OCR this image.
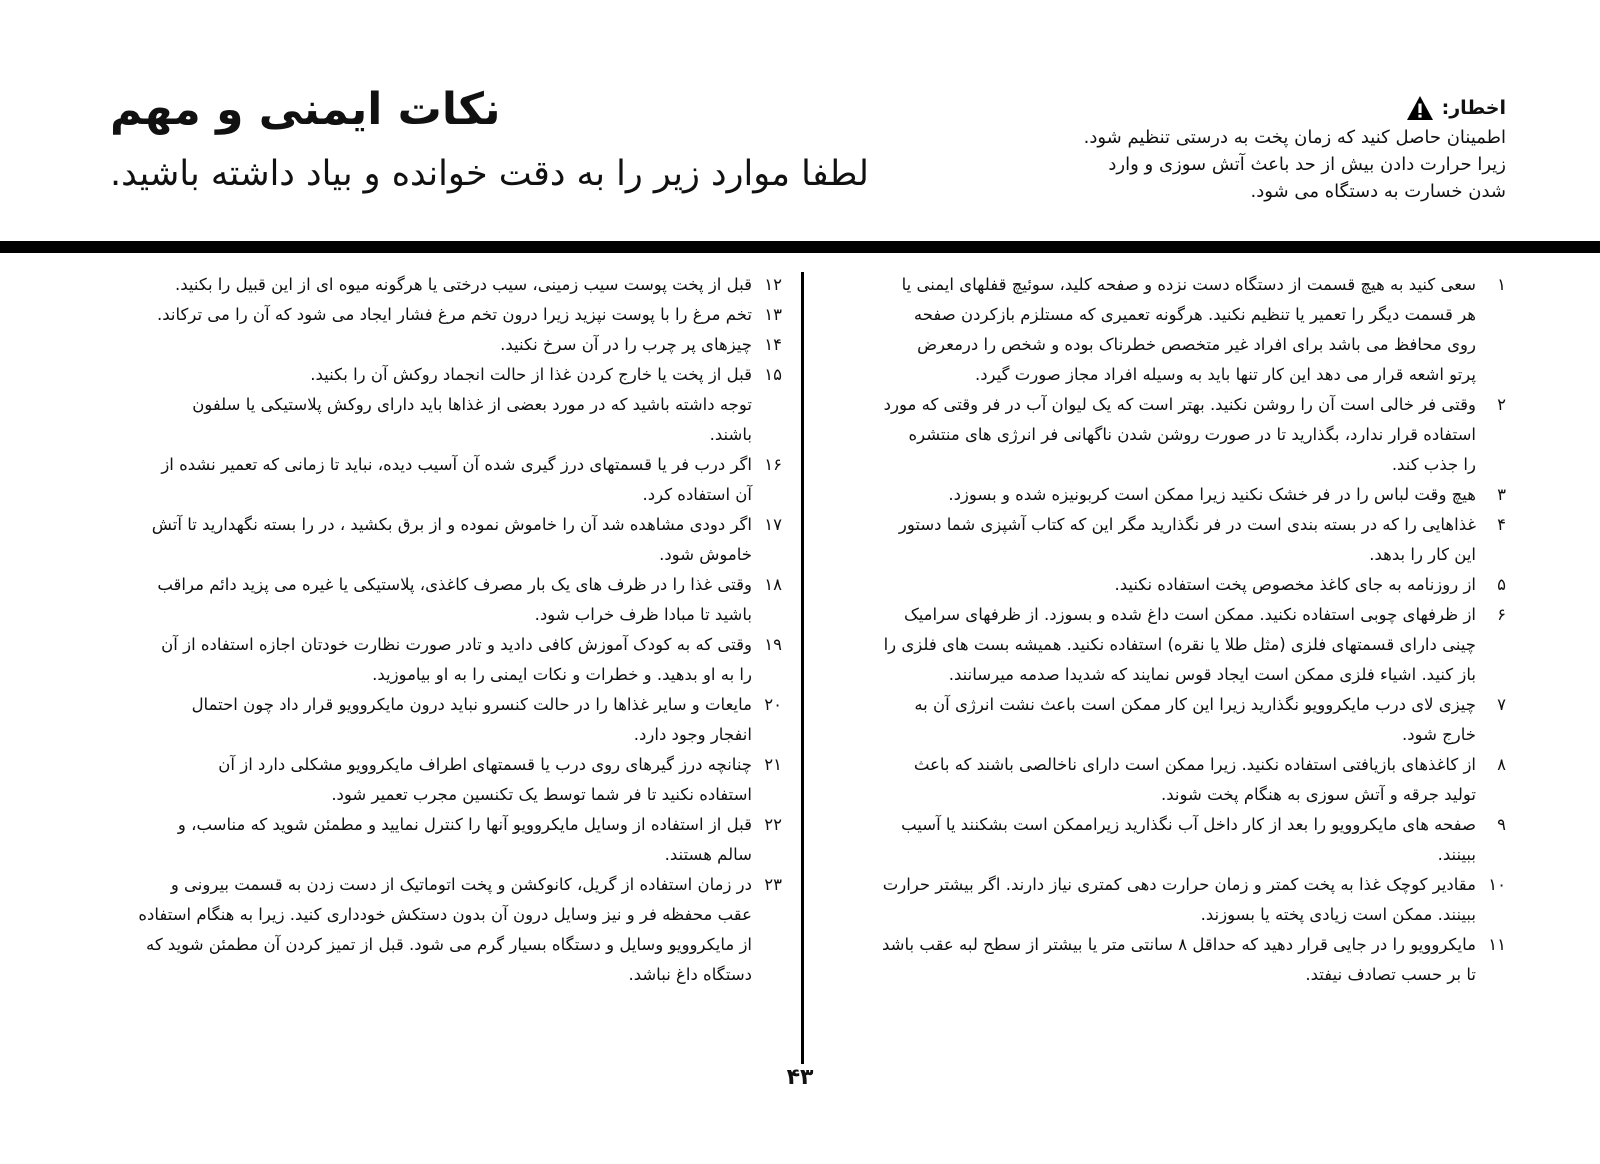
نکات ایمنی و مهم
لطفا موارد زیر را به دقت خوانده و بیاد داشته باشید.
اخطار:
اطمینان حاصل کنید که زمان پخت به درستی تنظیم شود.
زیرا حرارت دادن بیش از حد باعث آتش سوزی و وارد
شدن خسارت به دستگاه می شود.
۱
سعی کنید به هیچ قسمت از دستگاه دست نزده و صفحه کلید، سوئیچ قفلهای ایمنی یا
هر قسمت دیگر را تعمیر یا تنظیم نکنید. هرگونه تعمیری که مستلزم بازکردن صفحه
روی محافظ می باشد برای افراد غیر متخصص خطرناک بوده و شخص را درمعرض
پرتو اشعه قرار می دهد این کار تنها باید به وسیله افراد مجاز صورت گیرد.
۲
وقتی فر خالی است آن را روشن نکنید. بهتر است که یک لیوان آب در فر وقتی که مورد
استفاده قرار ندارد، بگذارید تا در صورت روشن شدن ناگهانی فر انرژی های منتشره
را جذب کند.
۳
هیچ وقت لباس را در فر خشک نکنید زیرا ممکن است کربونیزه شده و بسوزد.
۴
غذاهایی را که در بسته بندی است در فر نگذارید مگر این که کتاب آشپزی شما دستور
این کار را بدهد.
۵
از روزنامه به جای کاغذ مخصوص پخت استفاده نکنید.
۶
از ظرفهای چوبی استفاده نکنید. ممکن است داغ شده و بسوزد. از ظرفهای سرامیک
چینی دارای قسمتهای فلزی (مثل طلا یا نقره) استفاده نکنید. همیشه بست های فلزی را
باز کنید. اشیاء فلزی ممکن است ایجاد قوس نمایند که شدیدا صدمه میرسانند.
۷
چیزی لای درب مایکروویو نگذارید زیرا این کار ممکن است باعث نشت انرژی آن به
خارج شود.
۸
از کاغذهای بازیافتی استفاده نکنید. زیرا ممکن است دارای ناخالصی باشند که باعث
تولید جرقه و آتش سوزی به هنگام پخت شوند.
۹
صفحه های مایکروویو را بعد از کار داخل آب نگذارید زیراممکن است بشکنند یا آسیب
ببینند.
۱۰
مقادیر کوچک غذا به پخت کمتر و زمان حرارت دهی کمتری نیاز دارند. اگر بیشتر حرارت
ببینند. ممکن است زیادی پخته یا بسوزند.
۱۱
مایکروویو را در جایی قرار دهید که حداقل ۸ سانتی متر یا بیشتر از سطح لبه عقب باشد
تا بر حسب تصادف نیفتد.
۱۲
قبل از پخت پوست سیب زمینی، سیب درختی یا هرگونه میوه ای از این قبیل را بکنید.
۱۳
تخم مرغ را با پوست نپزید زیرا درون تخم مرغ فشار ایجاد می شود که آن را می ترکاند.
۱۴
چیزهای پر چرب را در آن سرخ نکنید.
۱۵
قبل از پخت یا خارج کردن غذا از حالت انجماد روکش آن را بکنید.
توجه داشته باشید که در مورد بعضی از غذاها باید دارای روکش پلاستیکی یا سلفون
باشند.
۱۶
اگر درب فر یا قسمتهای درز گیری شده آن آسیب دیده، نباید تا زمانی که تعمیر نشده از
آن استفاده کرد.
۱۷
اگر دودی مشاهده شد آن را خاموش نموده و از برق بکشید ، در را بسته نگهدارید تا آتش
خاموش شود.
۱۸
وقتی غذا را در ظرف های یک بار مصرف کاغذی، پلاستیکی یا غیره می پزید دائم مراقب
باشید تا مبادا ظرف خراب شود.
۱۹
وقتی که به کودک آموزش کافی دادید و تادر صورت نظارت خودتان اجازه استفاده از آن
را به او بدهید. و خطرات و نکات ایمنی را به او بیاموزید.
۲۰
مایعات و سایر غذاها را در حالت کنسرو نباید درون مایکروویو قرار داد چون احتمال
انفجار وجود دارد.
۲۱
چنانچه درز گیرهای روی درب یا قسمتهای اطراف مایکروویو مشکلی دارد از آن
استفاده نکنید تا فر شما توسط یک تکنسین مجرب تعمیر شود.
۲۲
قبل از استفاده از وسایل مایکروویو آنها را کنترل نمایید و مطمئن شوید که مناسب، و
سالم هستند.
۲۳
در زمان استفاده از گریل، کانوکشن و پخت اتوماتیک از دست زدن به قسمت بیرونی و
عقب محفظه فر و نیز وسایل درون آن بدون دستکش خودداری کنید. زیرا به هنگام استفاده
از مایکروویو وسایل و دستگاه بسیار گرم می شود. قبل از تمیز کردن آن مطمئن شوید که
دستگاه داغ نباشد.
۴۳
